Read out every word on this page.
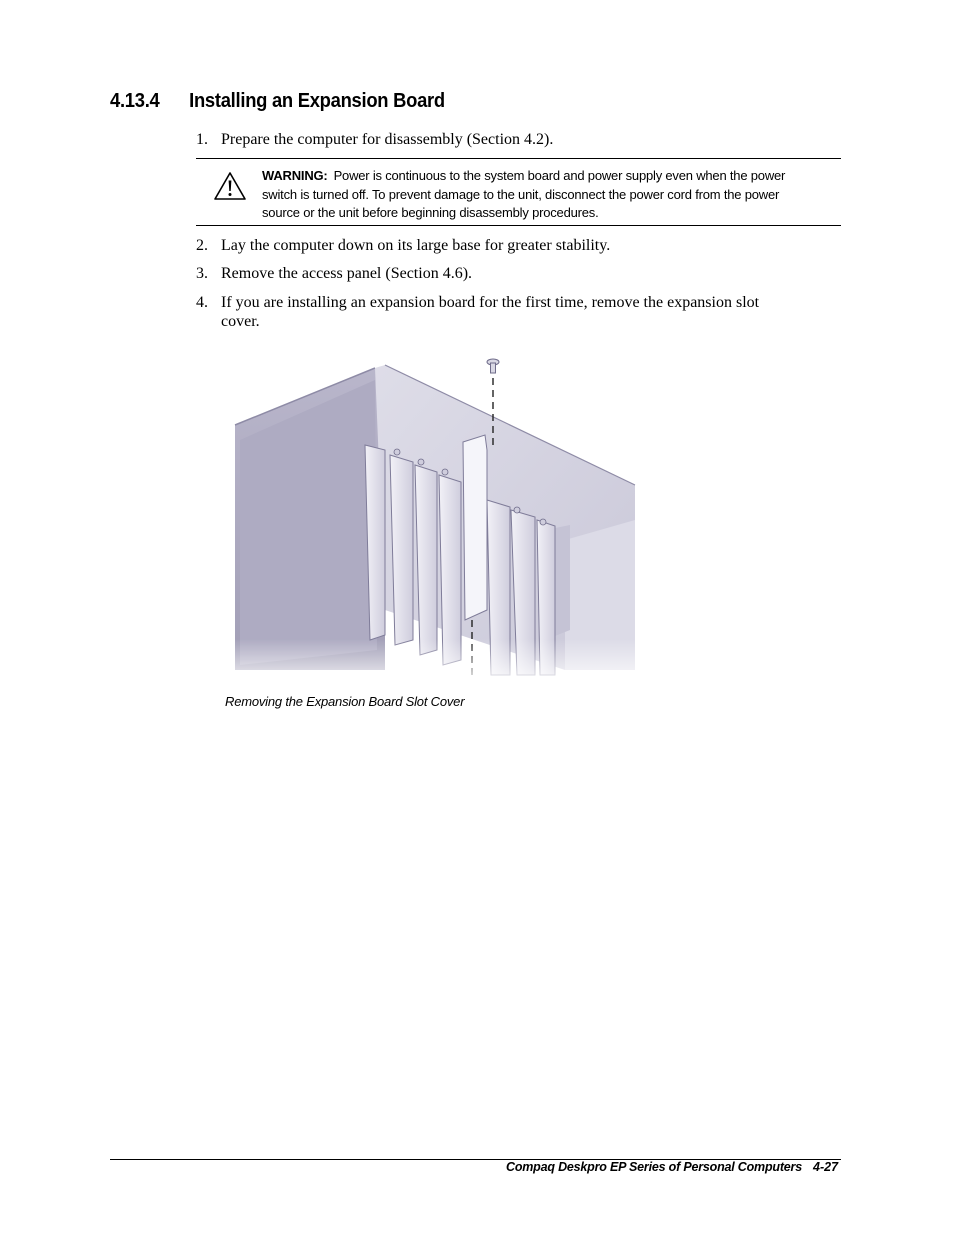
4.13.4 Installing an Expansion Board
1. Prepare the computer for disassembly (Section 4.2).
WARNING: Power is continuous to the system board and power supply even when the power
switch is turned off. To prevent damage to the unit, disconnect the power cord from the power
source or the unit before beginning disassembly procedures.
2. Lay the computer down on its large base for greater stability.
3. Remove the access panel (Section 4.6).
4. If you are installing an expansion board for the first time, remove the expansion slot
cover.
Removing the Expansion Board Slot Cover
Compaq Deskpro EP Series of Personal Computers 4-27
